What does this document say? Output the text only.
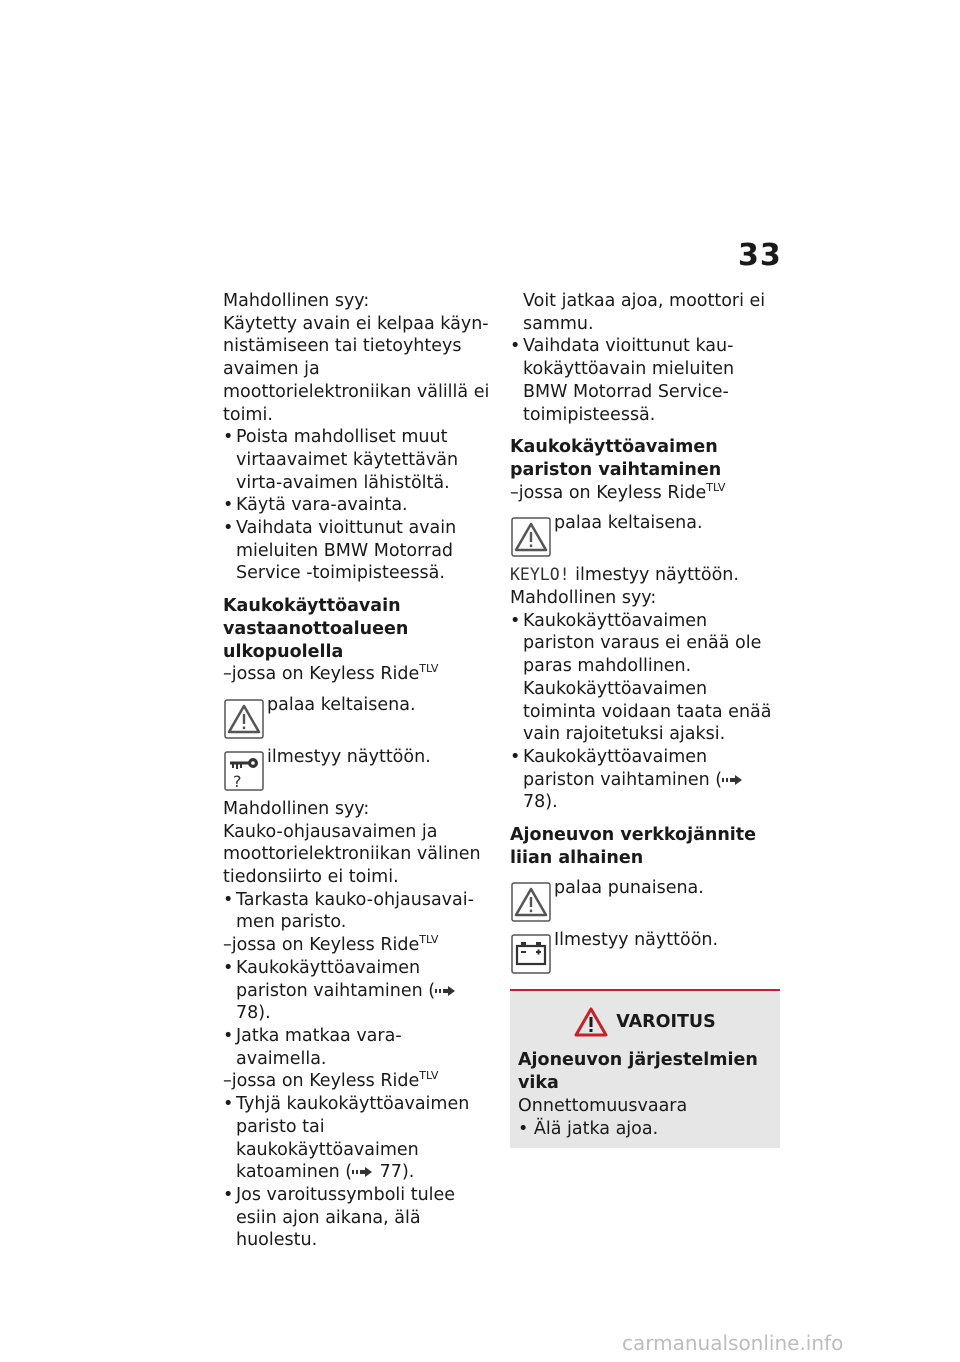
33

Mahdollinen syy:

Käytetty avain ei kelpaa käynnistämiseen tai tietoyhteys avaimen ja moottorielektroniikan välillä ei toimi.

• Poista mahdolliset muut virtaavaimet käytettävän virta-avaimen lähistöltä.

• Käytä vara-avainta.

• Vaihdata vioittunut avain mieluiten BMW Motorrad Service -toimipisteessä.

Kaukokäyttöavain vastaanottoalueen ulkopuolella

–jossa on Keyless Ride$^{TLV}$

palaa keltaisena.

?

ilmestyy näyttöön.

Mahdollinen syy:

Kauko-ohjausavaimen ja moottorielektroniikan välinen tiedonsiirto ei toimi.

• Tarkasta kauko-ohjausavaimen paristo.

–jossa on Keyless Ride$^{TLV}$

• Kaukokäyttöavaimen pariston vaihtaminen ( 78).

• Jatka matkaa vara-avaimella.

–jossa on Keyless Ride$^{TLV}$

• Tyhjä kaukokäyttöavaimen paristo tai kaukokäyttöavaimen katoaminen ( 77).

• Jos varoitussymboli tulee esiin ajon aikana, älä huolestu.

Voit jatkaa ajoa, moottori ei sammu.

• Vaihdata vioittunut kaukokäyttöavain mieluiten BMW Motorrad Servicetoimipisteessä.

Kaukokäyttöavaimen pariston vaihtaminen

–jossa on Keyless Ride$^{TLV}$

palaa keltaisena.

KEYLO! ilmestyy näyttöön.

Mahdollinen syy:

• Kaukokäyttöavaimen pariston varaus ei enää ole paras mahdollinen. Kaukokäyttöavaimen toiminta voidaan taata enää vain rajoitetuksi ajaksi.

• Kaukokäyttöavaimen pariston vaihtaminen ( 78).

Ajoneuvon verkkojännite liian alhainen

palaa punaisena.

Ilmestyy näyttöön.

VAROITUS

Ajoneuvon järjestelmien vika

Onnettomuusvaara

• Älä jatka ajoa.

carmanualsonline.info
